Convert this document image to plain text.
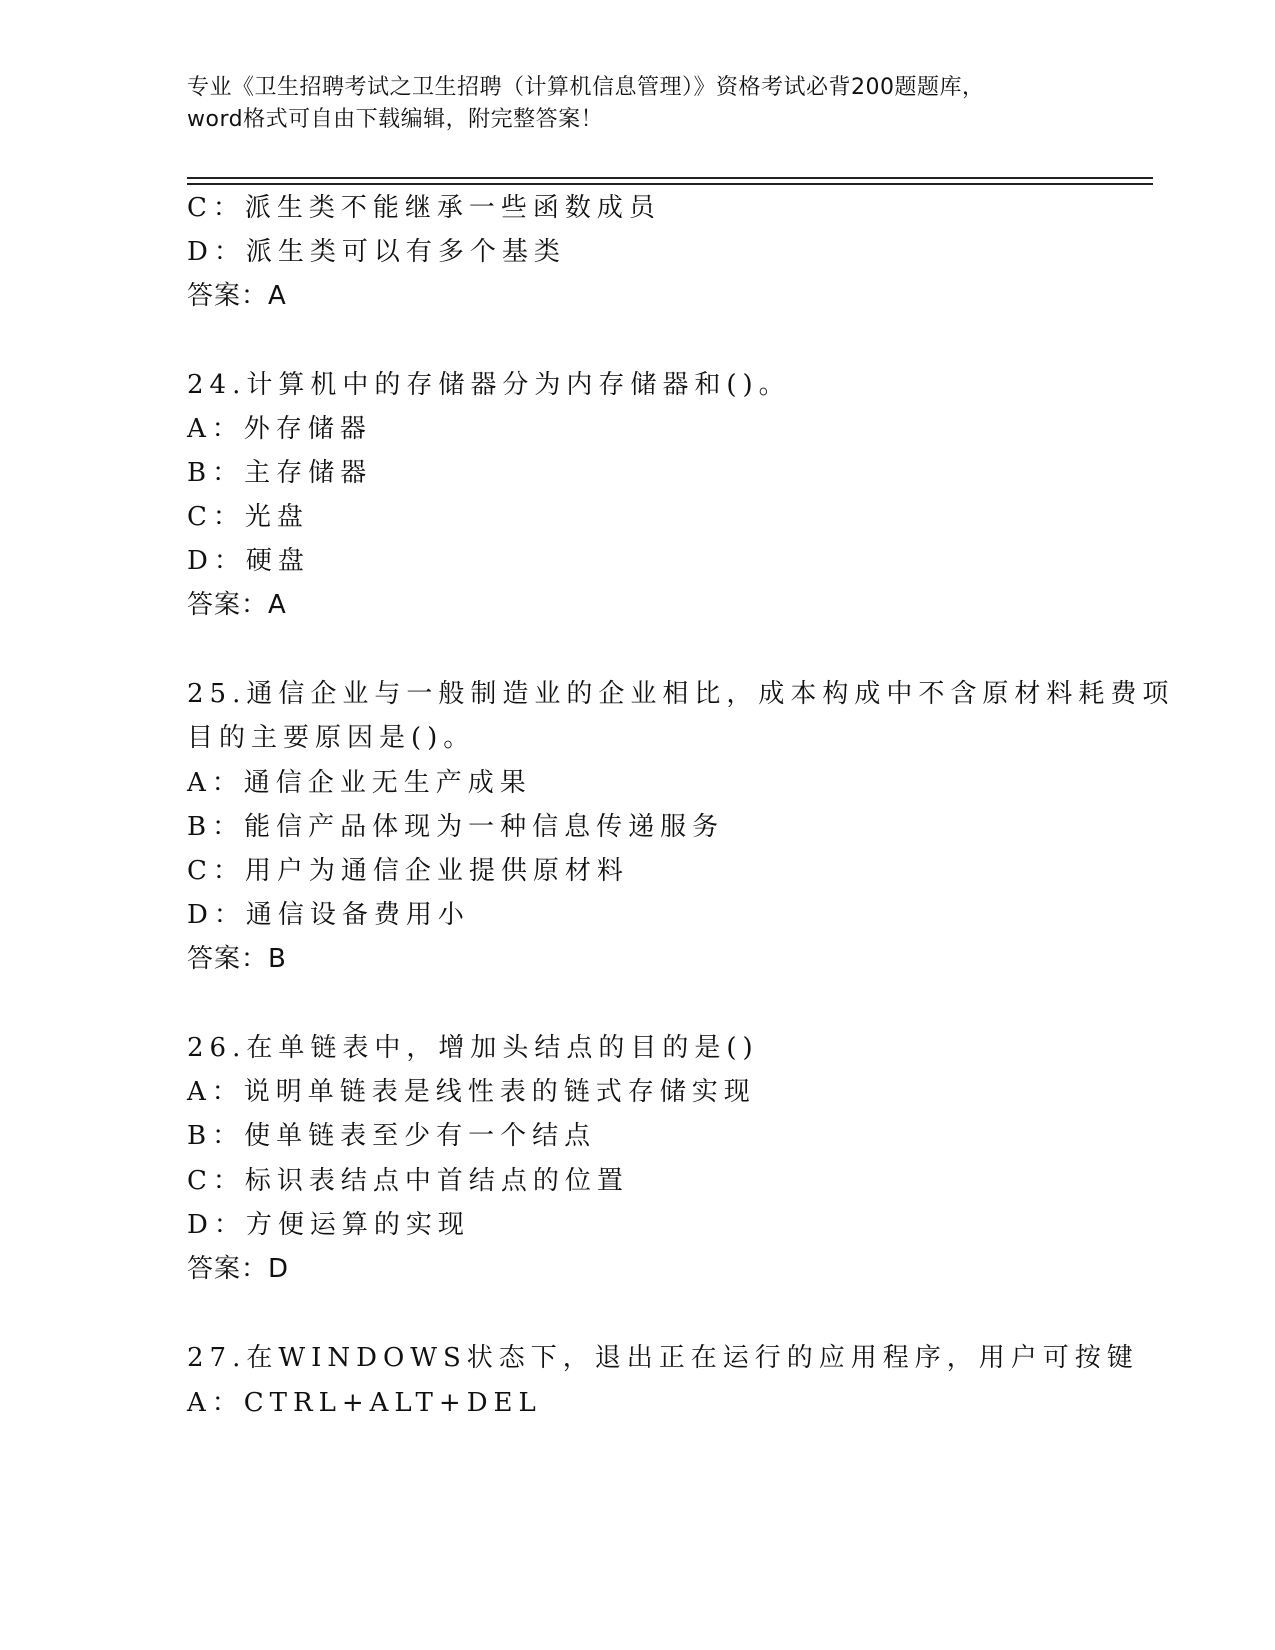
专业《卫生招聘考试之卫生招聘（计算机信息管理）》资格考试必背200题题库，
word格式可自由下载编辑，附完整答案！
C：派生类不能继承一些函数成员
D：派生类可以有多个基类
答案：A
24.计算机中的存储器分为内存储器和()。
A：外存储器
B：主存储器
C：光盘
D：硬盘
答案：A
25.通信企业与一般制造业的企业相比，成本构成中不含原材料耗费项
目的主要原因是()。
A：通信企业无生产成果
B：能信产品体现为一种信息传递服务
C：用户为通信企业提供原材料
D：通信设备费用小
答案：B
26.在单链表中，增加头结点的目的是()
A：说明单链表是线性表的链式存储实现
B：使单链表至少有一个结点
C：标识表结点中首结点的位置
D：方便运算的实现
答案：D
27.在WINDOWS状态下，退出正在运行的应用程序，用户可按键
A：CTRL+ALT+DEL
